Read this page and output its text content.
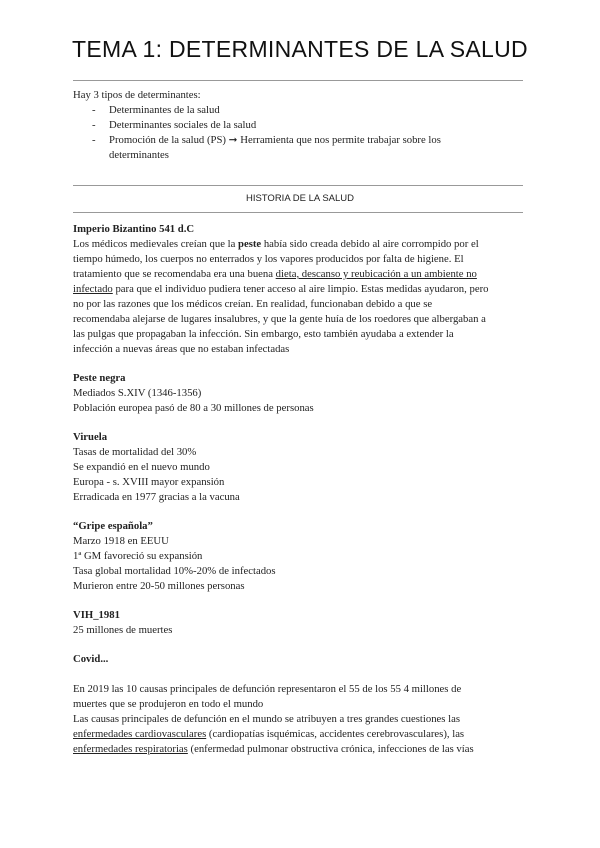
TEMA 1: DETERMINANTES DE LA SALUD
Hay 3 tipos de determinantes:
- Determinantes de la salud
- Determinantes sociales de la salud
- Promoción de la salud (PS) ➞ Herramienta que nos permite trabajar sobre los
determinantes
HISTORIA DE LA SALUD
Imperio Bizantino 541 d.C
Los médicos medievales creían que la peste había sido creada debido al aire corrompido por el
tiempo húmedo, los cuerpos no enterrados y los vapores producidos por falta de higiene. El
tratamiento que se recomendaba era una buena dieta, descanso y reubicación a un ambiente no
infectado para que el individuo pudiera tener acceso al aire limpio. Estas medidas ayudaron, pero
no por las razones que los médicos creían. En realidad, funcionaban debido a que se
recomendaba alejarse de lugares insalubres, y que la gente huía de los roedores que albergaban a
las pulgas que propagaban la infección. Sin embargo, esto también ayudaba a extender la
infección a nuevas áreas que no estaban infectadas
Peste negra
Mediados S.XIV (1346-1356)
Población europea pasó de 80 a 30 millones de personas
Viruela
Tasas de mortalidad del 30%
Se expandió en el nuevo mundo
Europa - s. XVIII mayor expansión
Erradicada en 1977 gracias a la vacuna
“Gripe española”
Marzo 1918 en EEUU
1ª GM favoreció su expansión
Tasa global mortalidad 10%-20% de infectados
Murieron entre 20-50 millones personas
VIH_1981
25 millones de muertes
Covid...
En 2019 las 10 causas principales de defunción representaron el 55 de los 55 4 millones de
muertes que se produjeron en todo el mundo
Las causas principales de defunción en el mundo se atribuyen a tres grandes cuestiones las
enfermedades cardiovasculares (cardiopatías isquémicas, accidentes cerebrovasculares), las
enfermedades respiratorias (enfermedad pulmonar obstructiva crónica, infecciones de las vías
